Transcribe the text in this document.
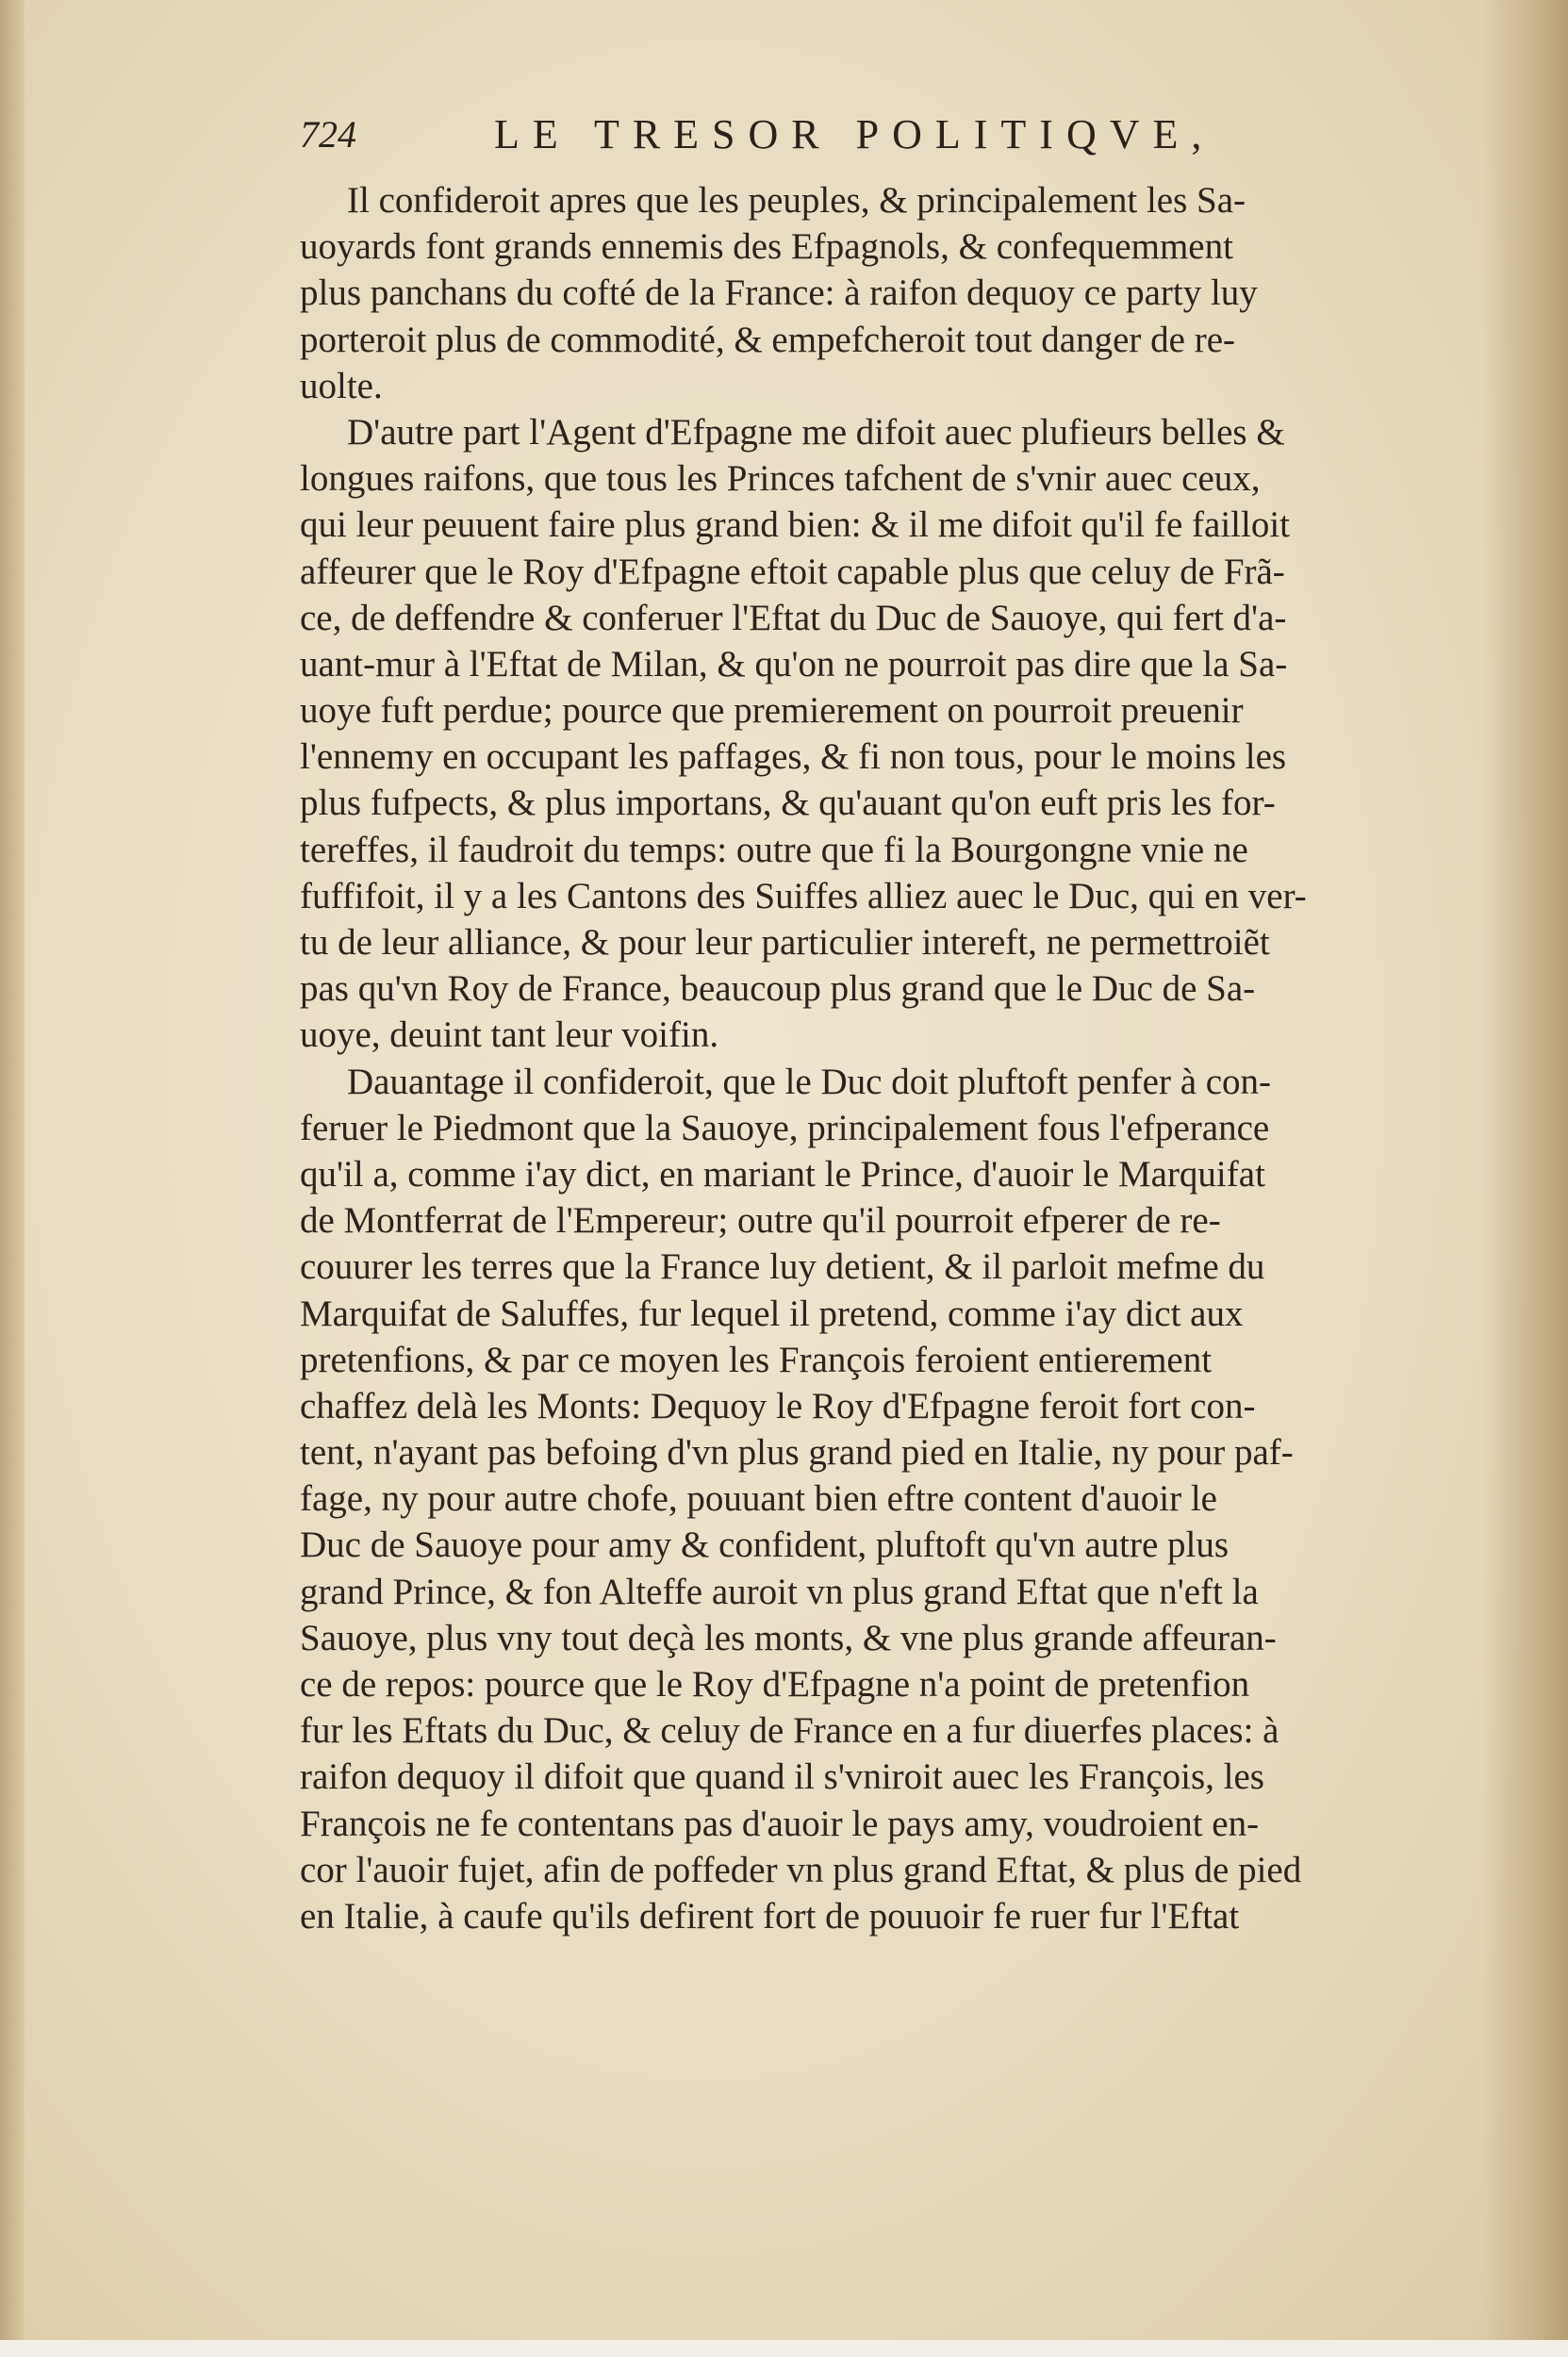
724	LE TRESOR POLITIQVE,
Il confideroit apres que les peuples, & principalement les Sa-
uoyards font grands ennemis des Efpagnols, & confequemment
plus panchans du cofté de la France: à raifon dequoy ce party luy
porteroit plus de commodité, & empefcheroit tout danger de re-
uolte.
D'autre part l'Agent d'Efpagne me difoit auec plufieurs belles &
longues raifons, que tous les Princes tafchent de s'vnir auec ceux,
qui leur peuuent faire plus grand bien: & il me difoit qu'il fe failloit
affeurer que le Roy d'Efpagne eftoit capable plus que celuy de Frã-
ce, de deffendre & conferuer l'Eftat du Duc de Sauoye, qui fert d'a-
uant-mur à l'Eftat de Milan, & qu'on ne pourroit pas dire que la Sa-
uoye fuft perdue; pource que premierement on pourroit preuenir
l'ennemy en occupant les paffages, & fi non tous, pour le moins les
plus fufpects, & plus importans, & qu'auant qu'on euft pris les for-
tereffes, il faudroit du temps: outre que fi la Bourgongne vnie ne
fuffifoit, il y a les Cantons des Suiffes alliez auec le Duc, qui en ver-
tu de leur alliance, & pour leur particulier intereft, ne permettroiẽt
pas qu'vn Roy de France, beaucoup plus grand que le Duc de Sa-
uoye, deuint tant leur voifin.
Dauantage il confideroit, que le Duc doit pluftoft penfer à con-
feruer le Piedmont que la Sauoye, principalement fous l'efperance
qu'il a, comme i'ay dict, en mariant le Prince, d'auoir le Marquifat
de Montferrat de l'Empereur; outre qu'il pourroit efperer de re-
couurer les terres que la France luy detient, & il parloit mefme du
Marquifat de Saluffes, fur lequel il pretend, comme i'ay dict aux
pretenfions, & par ce moyen les François feroient entierement
chaffez delà les Monts: Dequoy le Roy d'Efpagne feroit fort con-
tent, n'ayant pas befoing d'vn plus grand pied en Italie, ny pour paf-
fage, ny pour autre chofe, pouuant bien eftre content d'auoir le
Duc de Sauoye pour amy & confident, pluftoft qu'vn autre plus
grand Prince, & fon Alteffe auroit vn plus grand Eftat que n'eft la
Sauoye, plus vny tout deçà les monts, & vne plus grande affeuran-
ce de repos: pource que le Roy d'Efpagne n'a point de pretenfion
fur les Eftats du Duc, & celuy de France en a fur diuerfes places: à
raifon dequoy il difoit que quand il s'vniroit auec les François, les
François ne fe contentans pas d'auoir le pays amy, voudroient en-
cor l'auoir fujet, afin de poffeder vn plus grand Eftat, & plus de pied
en Italie, à caufe qu'ils defirent fort de pouuoir fe ruer fur l'Eftat
